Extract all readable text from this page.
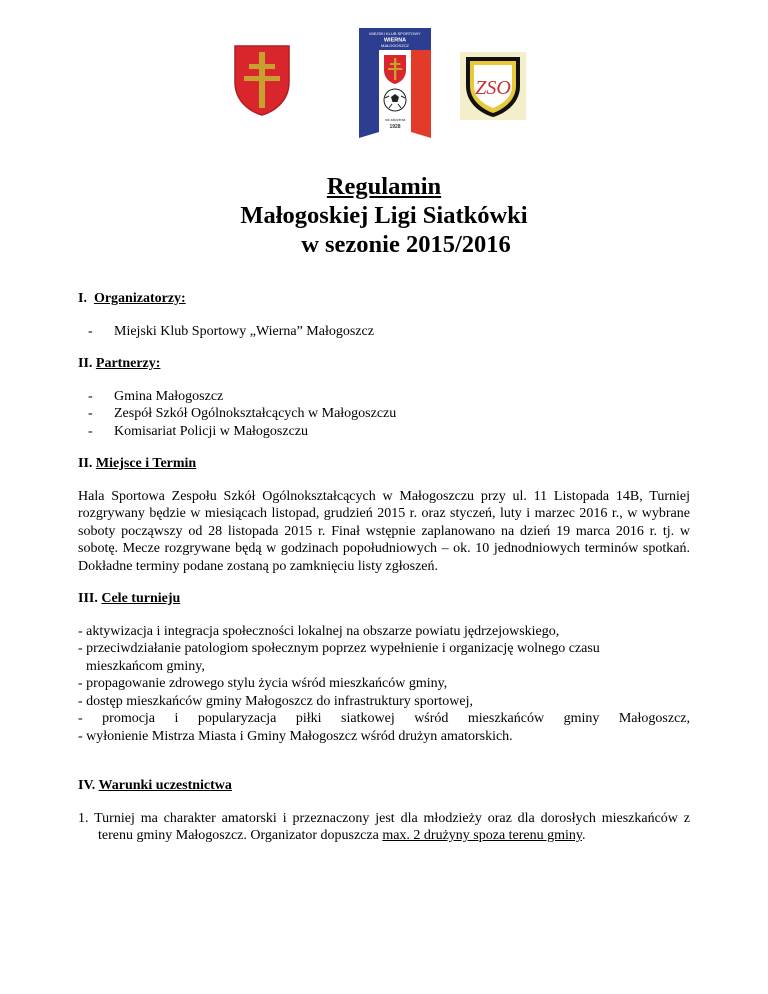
MIEJSKI KLUB SPORTOWY
WIERNA
MAŁOGOSZCZ
rok założenia
1928
ZSO
Regulamin
Małogoskiej Ligi Siatkówki
w sezonie 2015/2016

I. Organizatorzy:

- Miejski Klub Sportowy „Wierna” Małogoszcz

II. Partnerzy:

- Gmina Małogoszcz
- Zespół Szkół Ogólnokształcących w Małogoszczu
- Komisariat Policji w Małogoszczu

II. Miejsce i Termin

Hala Sportowa Zespołu Szkół Ogólnokształcących w Małogoszczu przy ul. 11 Listopada 14B, Turniej rozgrywany będzie w miesiącach listopad, grudzień 2015 r. oraz styczeń, luty i marzec 2016 r., w wybrane soboty począwszy od 28 listopada 2015 r. Finał wstępnie zaplanowano na dzień 19 marca 2016 r. tj. w sobotę. Mecze rozgrywane będą w godzinach popołudniowych – ok. 10 jednodniowych terminów spotkań. Dokładne terminy podane zostaną po zamknięciu listy zgłoszeń.

III. Cele turnieju

- aktywizacja i integracja społeczności lokalnej na obszarze powiatu jędrzejowskiego,

- przeciwdziałanie patologiom społecznym poprzez wypełnienie i organizację wolnego czasu

mieszkańcom gminy,

- propagowanie zdrowego stylu życia wśród mieszkańców gminy,

- dostęp mieszkańców gminy Małogoszcz do infrastruktury sportowej,

- promocja i popularyzacja piłki siatkowej wśród mieszkańców gminy Małogoszcz,

- wyłonienie Mistrza Miasta i Gminy Małogoszcz wśród drużyn amatorskich.

IV. Warunki uczestnictwa

1. Turniej ma charakter amatorski i przeznaczony jest dla młodzieży oraz dla dorosłych mieszkańców z terenu gminy Małogoszcz. Organizator dopuszcza max. 2 drużyny spoza terenu gminy.
